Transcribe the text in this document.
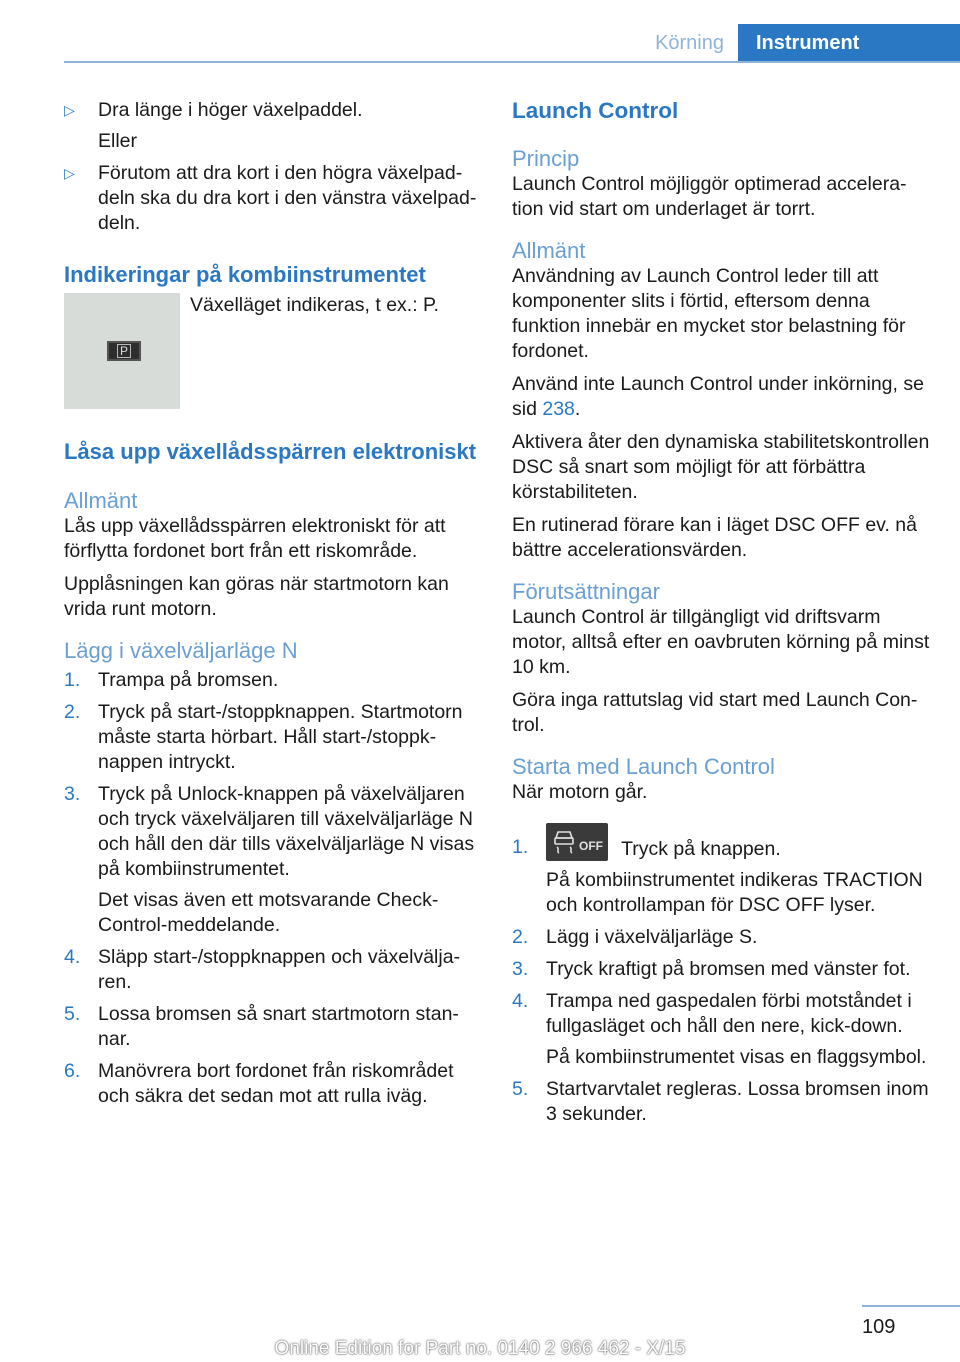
Körning	Instrument
▷ Dra länge i höger växelpaddel.
Eller
▷ Förutom att dra kort i den högra växelpaddeln ska du dra kort i den vänstra växelpaddeln.
Indikeringar på kombiinstrumentet
P

Växelläget indikeras, t ex.: P.

Låsa upp växellådsspärren elektroniskt
Allmänt

Lås upp växellådsspärren elektroniskt för att förflytta fordonet bort från ett riskområde.

Upplåsningen kan göras när startmotorn kan vrida runt motorn.

Lägg i växelväljarläge N
1. Trampa på bromsen.
2. Tryck på start-/stoppknappen. Startmotorn måste starta hörbart. Håll start-/stoppknappen intryckt.
3. Tryck på Unlock-knappen på växelväljaren och tryck växelväljaren till växelväljarläge N och håll den där tills växelväljarläge N visas på kombiinstrumentet.
Det visas även ett motsvarande Check-Control-meddelande.
4. Släpp start-/stoppknappen och växelväljaren.
5. Lossa bromsen så snart startmotorn stannar.
6. Manövrera bort fordonet från riskområdet och säkra det sedan mot att rulla iväg.
Launch Control
Princip

Launch Control möjliggör optimerad acceleration vid start om underlaget är torrt.

Allmänt

Användning av Launch Control leder till att komponenter slits i förtid, eftersom denna funktion innebär en mycket stor belastning för fordonet.

Använd inte Launch Control under inkörning, se sid 238.

Aktivera åter den dynamiska stabilitetskontrollen DSC så snart som möjligt för att förbättra körstabiliteten.

En rutinerad förare kan i läget DSC OFF ev. nå bättre accelerationsvärden.

Förutsättningar

Launch Control är tillgängligt vid driftsvarm motor, alltså efter en oavbruten körning på minst 10 km.

Göra inga rattutslag vid start med Launch Control.

Starta med Launch Control

När motorn går.

1.	OFF Tryck på knappen.
På kombiinstrumentet indikeras TRACTION och kontrollampan för DSC OFF lyser.
2. Lägg i växelväljarläge S.
3. Tryck kraftigt på bromsen med vänster fot.
4. Trampa ned gaspedalen förbi motståndet i fullgasläget och håll den nere, kick-down.
På kombiinstrumentet visas en flaggsymbol.
5. Startvarvtalet regleras. Lossa bromsen inom 3 sekunder.
109
Online Edition for Part no. 0140 2 966 462 - X/15
